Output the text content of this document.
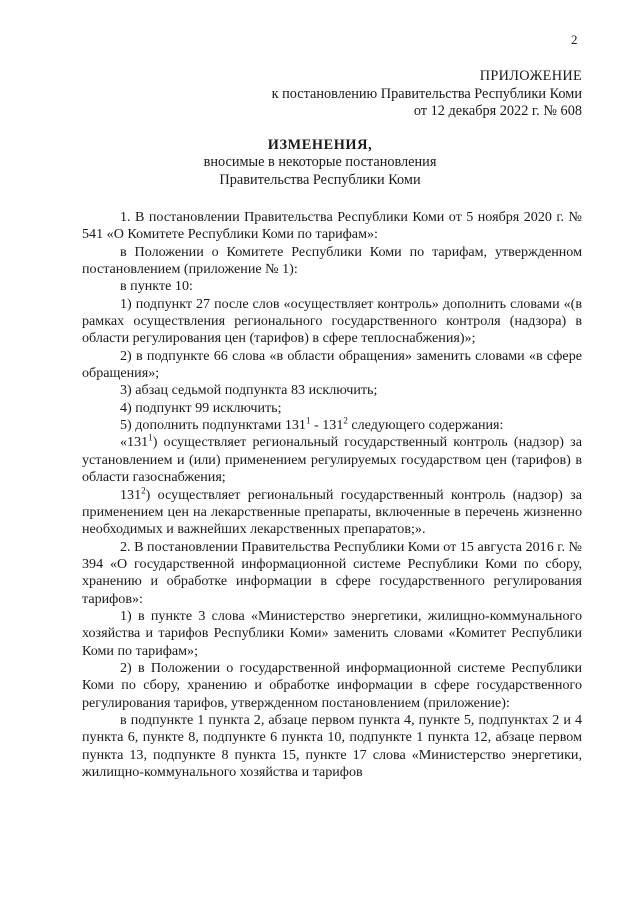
2
ПРИЛОЖЕНИЕ
к постановлению Правительства Республики Коми
от 12 декабря 2022 г. № 608
ИЗМЕНЕНИЯ,
вносимые в некоторые постановления
Правительства Республики Коми

1. В постановлении Правительства Республики Коми от 5 ноября 2020 г. № 541 «О Комитете Республики Коми по тарифам»:

в Положении о Комитете Республики Коми по тарифам, утвержденном постановлением (приложение № 1):

в пункте 10:

1) подпункт 27 после слов «осуществляет контроль» дополнить словами «(в рамках осуществления регионального государственного контроля (надзора) в области регулирования цен (тарифов) в сфере теплоснабжения)»;

2) в подпункте 66 слова «в области обращения» заменить словами «в сфере обращения»;

3) абзац седьмой подпункта 83 исключить;

4) подпункт 99 исключить;

5) дополнить подпунктами $131^1 - 131^2$ следующего содержания:

«$131^1$) осуществляет региональный государственный контроль (надзор) за установлением и (или) применением регулируемых государством цен (тарифов) в области газоснабжения;

$131^2$) осуществляет региональный государственный контроль (надзор) за применением цен на лекарственные препараты, включенные в перечень жизненно необходимых и важнейших лекарственных препаратов;».

2. В постановлении Правительства Республики Коми от 15 августа 2016 г. № 394 «О государственной информационной системе Республики Коми по сбору, хранению и обработке информации в сфере государственного регулирования тарифов»:

1) в пункте 3 слова «Министерство энергетики, жилищно-коммунального хозяйства и тарифов Республики Коми» заменить словами «Комитет Республики Коми по тарифам»;

2) в Положении о государственной информационной системе Республики Коми по сбору, хранению и обработке информации в сфере государственного регулирования тарифов, утвержденном постановлением (приложение):

в подпункте 1 пункта 2, абзаце первом пункта 4, пункте 5, подпунктах 2 и 4 пункта 6, пункте 8, подпункте 6 пункта 10, подпункте 1 пункта 12, абзаце первом пункта 13, подпункте 8 пункта 15, пункте 17 слова «Министерство энергетики, жилищно-коммунального хозяйства и тарифов
